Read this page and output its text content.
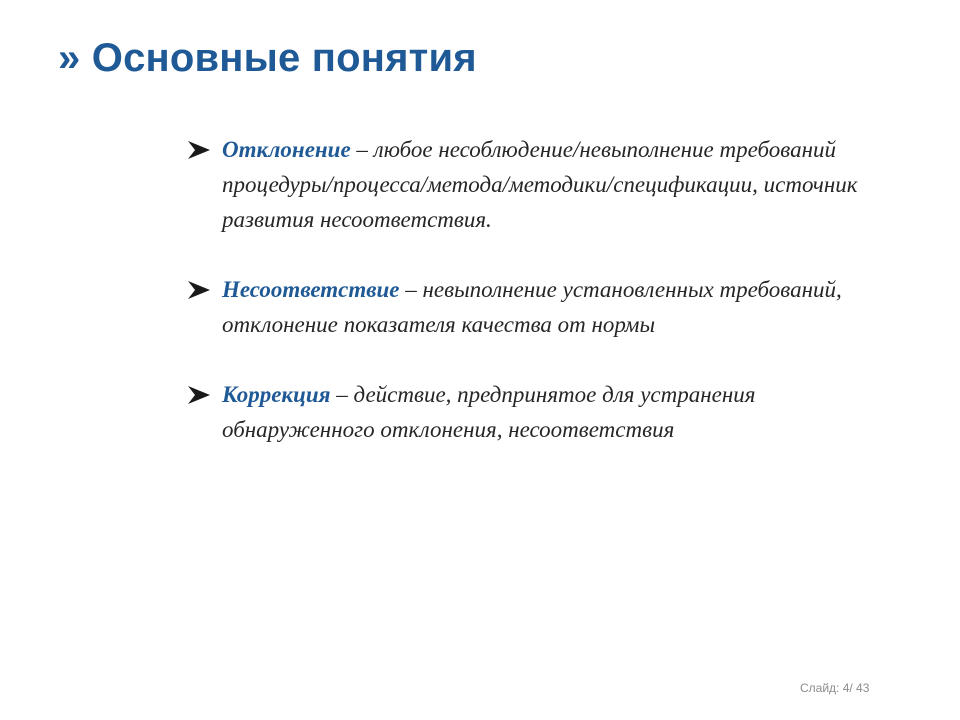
» Основные понятия
Отклонение – любое несоблюдение/невыполнение требований процедуры/процесса/метода/методики/спецификации, источник развития несоответствия.
Несоответствие – невыполнение установленных требований, отклонение показателя качества от нормы
Коррекция – действие, предпринятое для устранения обнаруженного отклонения, несоответствия
Слайд: 4/ 43
